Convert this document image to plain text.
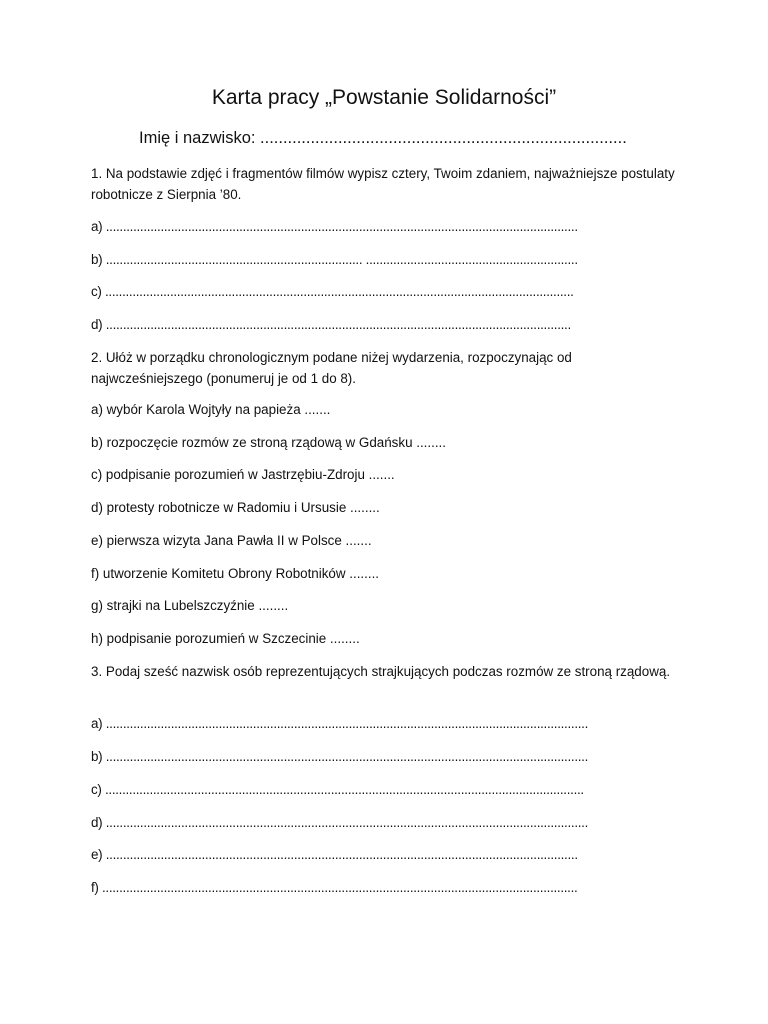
Karta pracy „Powstanie Solidarności”
Imię i nazwisko: ................................................................................
1. Na podstawie zdjęć i fragmentów filmów wypisz cztery, Twoim zdaniem, najważniejsze postulaty robotnicze z Sierpnia ’80.
a) ..........................................................................................................................................
b) ........................................................................... ..............................................................
c) .........................................................................................................................................
d) ........................................................................................................................................
2. Ułóż w porządku chronologicznym podane niżej wydarzenia, rozpoczynając od najwcześniejszego (ponumeruj je od 1 do 8).
a) wybór Karola Wojtyły na papieża .......
b) rozpoczęcie rozmów ze stroną rządową w Gdańsku ........
c) podpisanie porozumień w Jastrzębiu-Zdroju .......
d) protesty robotnicze w Radomiu i Ursusie ........
e) pierwsza wizyta Jana Pawła II w Polsce .......
f) utworzenie Komitetu Obrony Robotników ........
g) strajki na Lubelszczyźnie ........
h) podpisanie porozumień w Szczecinie ........
3. Podaj sześć nazwisk osób reprezentujących strajkujących podczas rozmów ze stroną rządową.
a) .............................................................................................................................................
b) .............................................................................................................................................
c) ............................................................................................................................................
d) .............................................................................................................................................
e) ..........................................................................................................................................
f) ...........................................................................................................................................
